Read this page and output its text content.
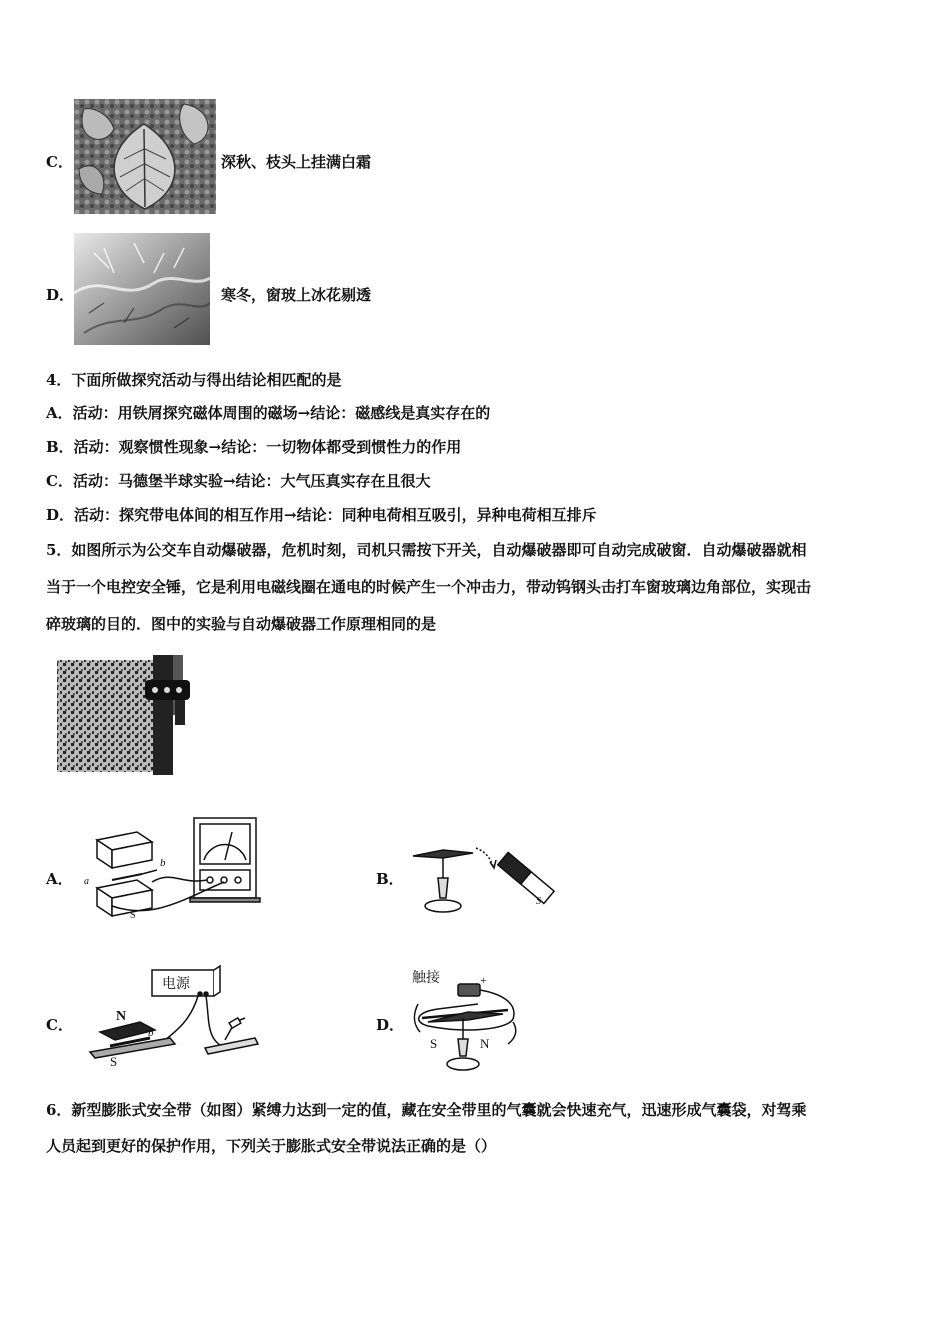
C．	深秋、枝头上挂满白霜
D．	寒冬，窗玻上冰花剔透
4．下面所做探究活动与得出结论相匹配的是
A．活动：用铁屑探究磁体周围的磁场→结论：磁感线是真实存在的
B．活动：观察惯性现象→结论：一切物体都受到惯性力的作用
C．活动：马德堡半球实验→结论：大气压真实存在且很大
D．活动：探究带电体间的相互作用→结论：同种电荷相互吸引，异种电荷相互排斥
5．如图所示为公交车自动爆破器，危机时刻，司机只需按下开关，自动爆破器即可自动完成破窗．自动爆破器就相
当于一个电控安全锤，它是利用电磁线圈在通电的时候产生一个冲击力，带动钨钢头击打车窗玻璃边角部位，实现击
碎玻璃的目的．图中的实验与自动爆破器工作原理相同的是
A．
b
a
S
B．
S
C．
电源
N
S
b	D．
触接	+
S	N
6．新型膨胀式安全带（如图）紧缚力达到一定的值，藏在安全带里的气囊就会快速充气，迅速形成气囊袋，对驾乘
人员起到更好的保护作用，下列关于膨胀式安全带说法正确的是（）
